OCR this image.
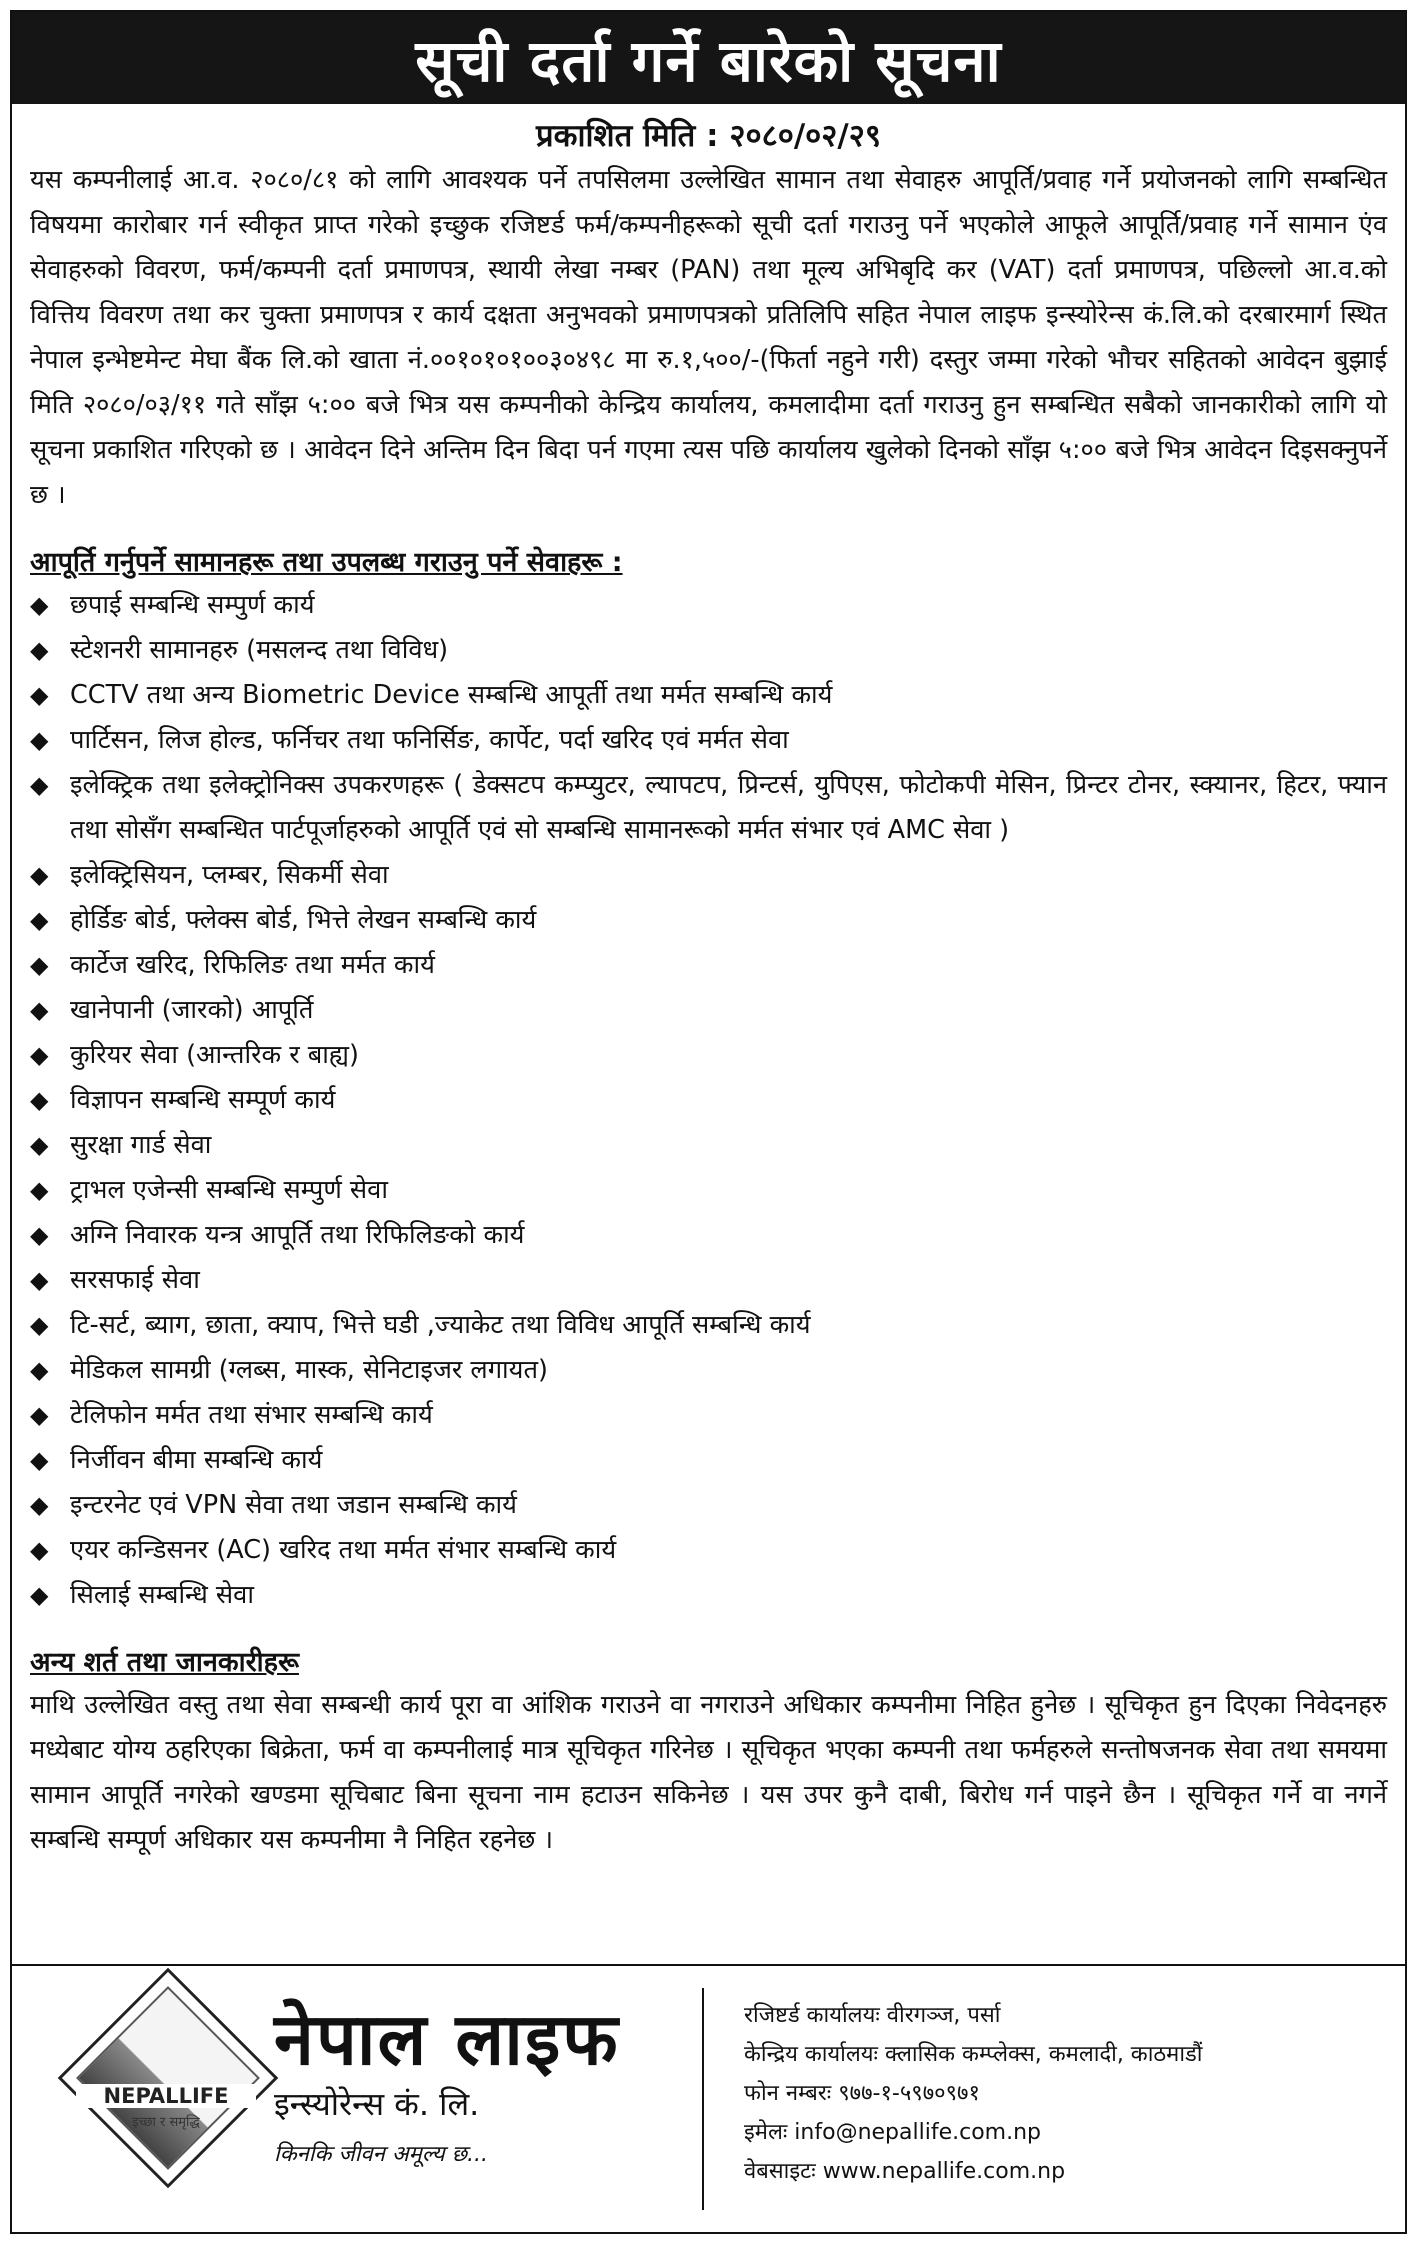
सूची दर्ता गर्ने बारेको सूचना
प्रकाशित मिति : २०८०/०२/२९

यस कम्पनीलाई आ.व. २०८०/८१ को लागि आवश्यक पर्ने तपसिलमा उल्लेखित सामान तथा सेवाहरु आपूर्ति/प्रवाह गर्ने प्रयोजनको लागि सम्बन्धित विषयमा कारोबार गर्न स्वीकृत प्राप्त गरेको इच्छुक रजिष्टर्ड फर्म/कम्पनीहरूको सूची दर्ता गराउनु पर्ने भएकोले आफूले आपूर्ति/प्रवाह गर्ने सामान एंव सेवाहरुको विवरण, फर्म/कम्पनी दर्ता प्रमाणपत्र, स्थायी लेखा नम्बर (PAN) तथा मूल्य अभिबृदि कर (VAT) दर्ता प्रमाणपत्र, पछिल्लो आ.व.को वित्तिय विवरण तथा कर चुक्ता प्रमाणपत्र र कार्य दक्षता अनुभवको प्रमाणपत्रको प्रतिलिपि सहित नेपाल लाइफ इन्स्योरेन्स कं.लि.को दरबारमार्ग स्थित नेपाल इन्भेष्टमेन्ट मेघा बैंक लि.को खाता नं.००१०१०१००३०४९८ मा रु.१,५००/-(फिर्ता नहुने गरी) दस्तुर जम्मा गरेको भौचर सहितको आवेदन बुझाई मिति २०८०/०३/११ गते साँझ ५:०० बजे भित्र यस कम्पनीको केन्द्रिय कार्यालय, कमलादीमा दर्ता गराउनु हुन सम्बन्धित सबैको जानकारीको लागि यो सूचना प्रकाशित गरिएको छ । आवेदन दिने अन्तिम दिन बिदा पर्न गएमा त्यस पछि कार्यालय खुलेको दिनको साँझ ५:०० बजे भित्र आवेदन दिइसक्नुपर्ने छ ।

आपूर्ति गर्नुपर्ने सामानहरू तथा उपलब्ध गराउनु पर्ने सेवाहरू :
◆ छपाई सम्बन्धि सम्पुर्ण कार्य
◆ स्टेशनरी सामानहरु (मसलन्द तथा विविध)
◆ CCTV तथा अन्य Biometric Device सम्बन्धि आपूर्ती तथा मर्मत सम्बन्धि कार्य
◆ पार्टिसन, लिज होल्ड, फर्निचर तथा फनिर्सिङ, कार्पेट, पर्दा खरिद एवं मर्मत सेवा
◆ इलेक्ट्रिक तथा इलेक्ट्रोनिक्स उपकरणहरू ( डेक्सटप कम्प्युटर, ल्यापटप, प्रिन्टर्स, युपिएस, फोटोकपी मेसिन, प्रिन्टर टोनर, स्क्यानर, हिटर, फ्यान तथा सोसँग सम्बन्धित पार्टपूर्जाहरुको आपूर्ति एवं सो सम्बन्धि सामानरूको मर्मत संभार एवं AMC सेवा )
◆ इलेक्ट्रिसियन, प्लम्बर, सिकर्मी सेवा
◆ होर्डिङ बोर्ड, फ्लेक्स बोर्ड, भित्ते लेखन सम्बन्धि कार्य
◆ कार्टेज खरिद, रिफिलिङ तथा मर्मत कार्य
◆ खानेपानी (जारको) आपूर्ति
◆ कुरियर सेवा (आन्तरिक र बाह्य)
◆ विज्ञापन सम्बन्धि सम्पूर्ण कार्य
◆ सुरक्षा गार्ड सेवा
◆ ट्राभल एजेन्सी सम्बन्धि सम्पुर्ण सेवा
◆ अग्नि निवारक यन्त्र आपूर्ति तथा रिफिलिङको कार्य
◆ सरसफाई सेवा
◆ टि-सर्ट, ब्याग, छाता, क्याप, भित्ते घडी ,ज्याकेट तथा विविध आपूर्ति सम्बन्धि कार्य
◆ मेडिकल सामग्री (ग्लब्स, मास्क, सेनिटाइजर लगायत)
◆ टेलिफोन मर्मत तथा संभार सम्बन्धि कार्य
◆ निर्जीवन बीमा सम्बन्धि कार्य
◆ इन्टरनेट एवं VPN सेवा तथा जडान सम्बन्धि कार्य
◆ एयर कन्डिसनर (AC) खरिद तथा मर्मत संभार सम्बन्धि कार्य
◆ सिलाई सम्बन्धि सेवा
अन्य शर्त तथा जानकारीहरू

माथि उल्लेखित वस्तु तथा सेवा सम्बन्धी कार्य पूरा वा आंशिक गराउने वा नगराउने अधिकार कम्पनीमा निहित हुनेछ । सूचिकृत हुन दिएका निवेदनहरु मध्येबाट योग्य ठहरिएका बिक्रेता, फर्म वा कम्पनीलाई मात्र सूचिकृत गरिनेछ । सूचिकृत भएका कम्पनी तथा फर्महरुले सन्तोषजनक सेवा तथा समयमा सामान आपूर्ति नगरेको खण्डमा सूचिबाट बिना सूचना नाम हटाउन सकिनेछ । यस उपर कुनै दाबी, बिरोध गर्न पाइने छैन । सूचिकृत गर्ने वा नगर्ने सम्बन्धि सम्पूर्ण अधिकार यस कम्पनीमा नै निहित रहनेछ ।

NEPALLIFE
इच्छा र समृद्धि
नेपाल लाइफ
इन्स्योरेन्स कं. लि.
किनकि जीवन अमूल्य छ...
रजिष्टर्ड कार्यालयः वीरगञ्ज, पर्सा
केन्द्रिय कार्यालयः क्लासिक कम्प्लेक्स, कमलादी, काठमाडौं
फोन नम्बरः ९७७-१-५९७०९७१
इमेलः info@nepallife.com.np
वेबसाइटः www.nepallife.com.np
